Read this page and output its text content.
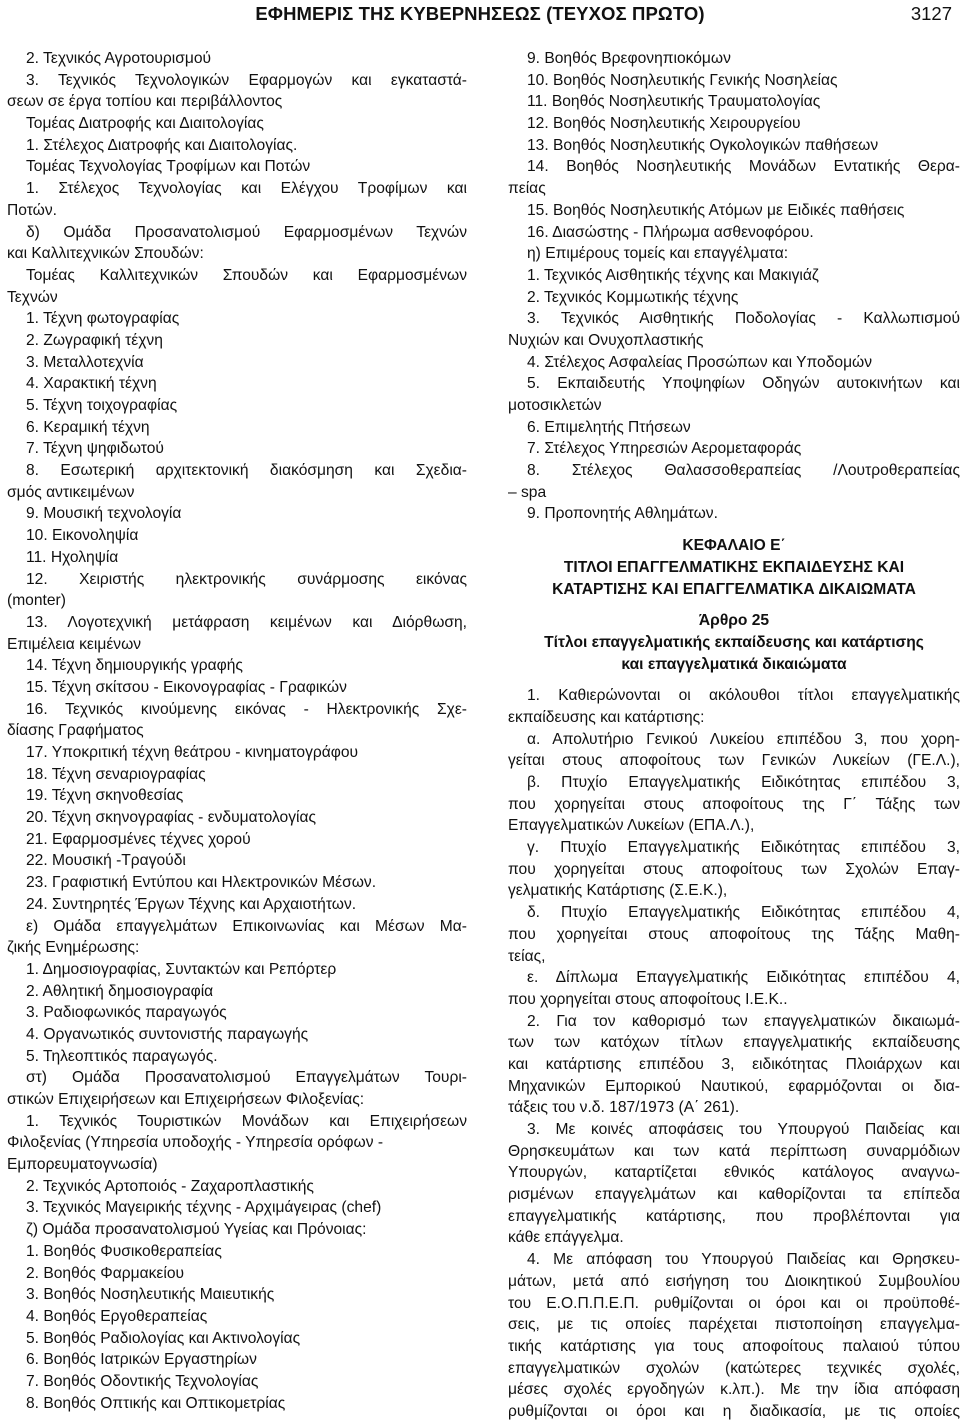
ΕΦΗΜΕΡΙΣ ΤΗΣ ΚΥΒΕΡΝΗΣΕΩΣ (ΤΕΥΧΟΣ ΠΡΩΤΟ)	3127
2. Τεχνικός Αγροτουρισμού
3. Τεχνικός Τεχνολογικών Εφαρμογών και εγκαταστά-
σεων σε έργα τοπίου και περιβάλλοντος
Τομέας Διατροφής και Διαιτολογίας
1. Στέλεχος Διατροφής και Διαιτολογίας.
Τομέας Τεχνολογίας Τροφίμων και Ποτών
1. Στέλεχος Τεχνολογίας και Ελέγχου Τροφίμων και
Ποτών.
δ) Ομάδα Προσανατολισμού Εφαρμοσμένων Τεχνών
και Καλλιτεχνικών Σπουδών:
Τομέας Καλλιτεχνικών Σπουδών και Εφαρμοσμένων
Τεχνών
1. Τέχνη φωτογραφίας
2. Ζωγραφική τέχνη
3. Μεταλλοτεχνία
4. Χαρακτική τέχνη
5. Τέχνη τοιχογραφίας
6. Κεραμική τέχνη
7. Τέχνη ψηφιδωτού
8. Εσωτερική αρχιτεκτονική διακόσμηση και Σχεδια-
σμός αντικειμένων
9. Μουσική τεχνολογία
10. Εικονοληψία
11. Ηχοληψία
12. Χειριστής ηλεκτρονικής συνάρμοσης εικόνας
(monter)
13. Λογοτεχνική μετάφραση κειμένων και Διόρθωση,
Επιμέλεια κειμένων
14. Τέχνη δημιουργικής γραφής
15. Τέχνη σκίτσου - Εικονογραφίας - Γραφικών
16. Τεχνικός κινούμενης εικόνας - Ηλεκτρονικής Σχε-
δίασης Γραφήματος
17. Υποκριτική τέχνη θεάτρου - κινηματογράφου
18. Τέχνη σεναριογραφίας
19. Τέχνη σκηνοθεσίας
20. Τέχνη σκηνογραφίας - ενδυματολογίας
21. Εφαρμοσμένες τέχνες χορού
22. Μουσική -Τραγούδι
23. Γραφιστική Εντύπου και Ηλεκτρονικών Μέσων.
24. Συντηρητές Έργων Τέχνης και Αρχαιοτήτων.
ε) Ομάδα επαγγελμάτων Επικοινωνίας και Μέσων Μα-
ζικής Ενημέρωσης:
1. Δημοσιογραφίας, Συντακτών και Ρεπόρτερ
2. Αθλητική δημοσιογραφία
3. Ραδιοφωνικός παραγωγός
4. Οργανωτικός συντονιστής παραγωγής
5. Τηλεοπτικός παραγωγός.
στ) Ομάδα Προσανατολισμού Επαγγελμάτων Τουρι-
στικών Επιχειρήσεων και Επιχειρήσεων Φιλοξενίας:
1. Τεχνικός Τουριστικών Μονάδων και Επιχειρήσεων
Φιλοξενίας (Υπηρεσία υποδοχής - Υπηρεσία ορόφων -
Εμπορευματογνωσία)
2. Τεχνικός Αρτοποιός - Ζαχαροπλαστικής
3. Τεχνικός Μαγειρικής τέχνης - Αρχιμάγειρας (chef)
ζ) Ομάδα προσανατολισμού Υγείας και Πρόνοιας:
1. Βοηθός Φυσικοθεραπείας
2. Βοηθός Φαρμακείου
3. Βοηθός Νοσηλευτικής Μαιευτικής
4. Βοηθός Εργοθεραπείας
5. Βοηθός Ραδιολογίας και Ακτινολογίας
6. Βοηθός Ιατρικών Εργαστηρίων
7. Βοηθός Οδοντικής Τεχνολογίας
8. Βοηθός Οπτικής και Οπτικομετρίας
9. Βοηθός Βρεφονηπιοκόμων
10. Βοηθός Νοσηλευτικής Γενικής Νοσηλείας
11. Βοηθός Νοσηλευτικής Τραυματολογίας
12. Βοηθός Νοσηλευτικής Χειρουργείου
13. Βοηθός Νοσηλευτικής Ογκολογικών παθήσεων
14. Βοηθός Νοσηλευτικής Μονάδων Εντατικής Θερα-
πείας
15. Βοηθός Νοσηλευτικής Ατόμων με Ειδικές παθήσεις
16. Διασώστης - Πλήρωμα ασθενοφόρου.
η) Επιμέρους τομείς και επαγγέλματα:
1. Τεχνικός Αισθητικής τέχνης και Μακιγιάζ
2. Τεχνικός Κομμωτικής τέχνης
3. Τεχνικός Αισθητικής Ποδολογίας - Καλλωπισμού
Νυχιών και Ονυχοπλαστικής
4. Στέλεχος Ασφαλείας Προσώπων και Υποδομών
5. Εκπαιδευτής Υποψηφίων Οδηγών αυτοκινήτων και
μοτοσικλετών
6. Επιμελητής Πτήσεων
7. Στέλεχος Υπηρεσιών Αερομεταφοράς
8. Στέλεχος Θαλασσοθεραπείας /Λουτροθεραπείας
– spa
9. Προπονητής Αθλημάτων.
ΚΕΦΑΛΑΙΟ Ε΄
ΤΙΤΛΟΙ ΕΠΑΓΓΕΛΜΑΤΙΚΗΣ ΕΚΠΑΙΔΕΥΣΗΣ ΚΑΙ
ΚΑΤΑΡΤΙΣΗΣ ΚΑΙ ΕΠΑΓΓΕΛΜΑΤΙΚΑ ΔΙΚΑΙΩΜΑΤΑ
Άρθρο 25
Τίτλοι επαγγελματικής εκπαίδευσης και κατάρτισης
και επαγγελματικά δικαιώματα
1. Καθιερώνονται οι ακόλουθοι τίτλοι επαγγελματικής
εκπαίδευσης και κατάρτισης:
α. Απολυτήριο Γενικού Λυκείου επιπέδου 3, που χορη-
γείται στους αποφοίτους των Γενικών Λυκείων (ΓΕ.Λ.),
β. Πτυχίο Επαγγελματικής Ειδικότητας επιπέδου 3,
που χορηγείται στους αποφοίτους της Γ΄ Τάξης των
Επαγγελματικών Λυκείων (ΕΠΑ.Λ.),
γ. Πτυχίο Επαγγελματικής Ειδικότητας επιπέδου 3,
που χορηγείται στους αποφοίτους των Σχολών Επαγ-
γελματικής Κατάρτισης (Σ.Ε.Κ.),
δ. Πτυχίο Επαγγελματικής Ειδικότητας επιπέδου 4,
που χορηγείται στους αποφοίτους της Τάξης Μαθη-
τείας,
ε. Δίπλωμα Επαγγελματικής Ειδικότητας επιπέδου 4,
που χορηγείται στους αποφοίτους Ι.Ε.Κ..
2. Για τον καθορισμό των επαγγελματικών δικαιωμά-
των των κατόχων τίτλων επαγγελματικής εκπαίδευσης
και κατάρτισης επιπέδου 3, ειδικότητας Πλοιάρχων και
Μηχανικών Εμπορικού Ναυτικού, εφαρμόζονται οι δια-
τάξεις του ν.δ. 187/1973 (Α΄ 261).
3. Με κοινές αποφάσεις του Υπουργού Παιδείας και
Θρησκευμάτων και των κατά περίπτωση συναρμόδιων
Υπουργών, καταρτίζεται εθνικός κατάλογος αναγνω-
ρισμένων επαγγελμάτων και καθορίζονται τα επίπεδα
επαγγελματικής κατάρτισης, που προβλέπονται για
κάθε επάγγελμα.
4. Με απόφαση του Υπουργού Παιδείας και Θρησκευ-
μάτων, μετά από εισήγηση του Διοικητικού Συμβουλίου
του Ε.Ο.Π.Π.Ε.Π. ρυθμίζονται οι όροι και οι προϋποθέ-
σεις, με τις οποίες παρέχεται πιστοποίηση επαγγελμα-
τικής κατάρτισης για τους αποφοίτους παλαιού τύπου
επαγγελματικών σχολών (κατώτερες τεχνικές σχολές,
μέσες σχολές εργοδηγών κ.λπ.). Με την ίδια απόφαση
ρυθμίζονται οι όροι και η διαδικασία, με τις οποίες
